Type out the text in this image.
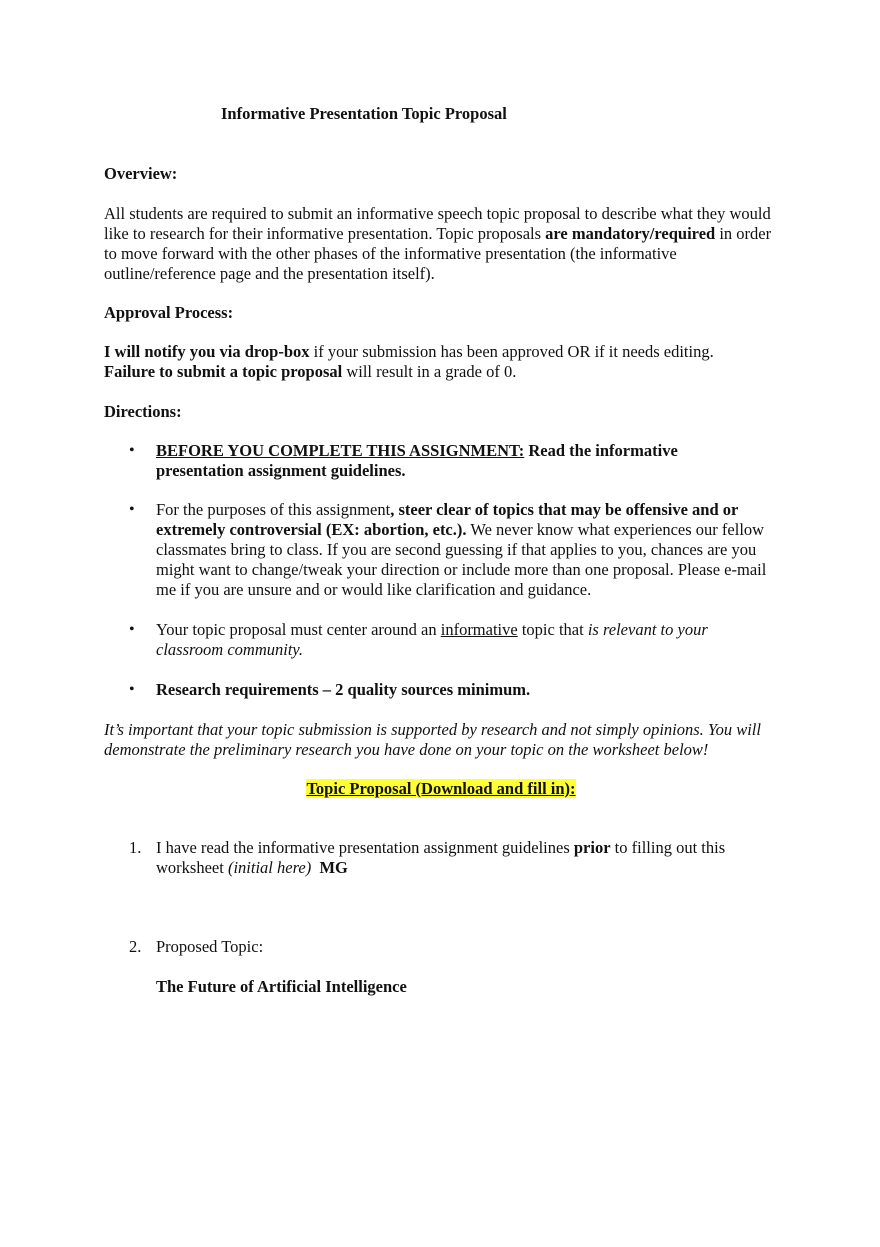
Informative Presentation Topic Proposal
Overview:
All students are required to submit an informative speech topic proposal to describe what they would like to research for their informative presentation. Topic proposals are mandatory/required in order to move forward with the other phases of the informative presentation (the informative outline/reference page and the presentation itself).
Approval Process:
I will notify you via drop-box if your submission has been approved OR if it needs editing.
Failure to submit a topic proposal will result in a grade of 0.
Directions:
• BEFORE YOU COMPLETE THIS ASSIGNMENT: Read the informative presentation assignment guidelines.
• For the purposes of this assignment, steer clear of topics that may be offensive and or extremely controversial (EX: abortion, etc.). We never know what experiences our fellow classmates bring to class. If you are second guessing if that applies to you, chances are you might want to change/tweak your direction or include more than one proposal. Please e-mail me if you are unsure and or would like clarification and guidance.
• Your topic proposal must center around an informative topic that is relevant to your classroom community.
• Research requirements – 2 quality sources minimum.
It’s important that your topic submission is supported by research and not simply opinions. You will demonstrate the preliminary research you have done on your topic on the worksheet below!
Topic Proposal (Download and fill in):
1. I have read the informative presentation assignment guidelines prior to filling out this worksheet (initial here) MG
2. Proposed Topic:
The Future of Artificial Intelligence
